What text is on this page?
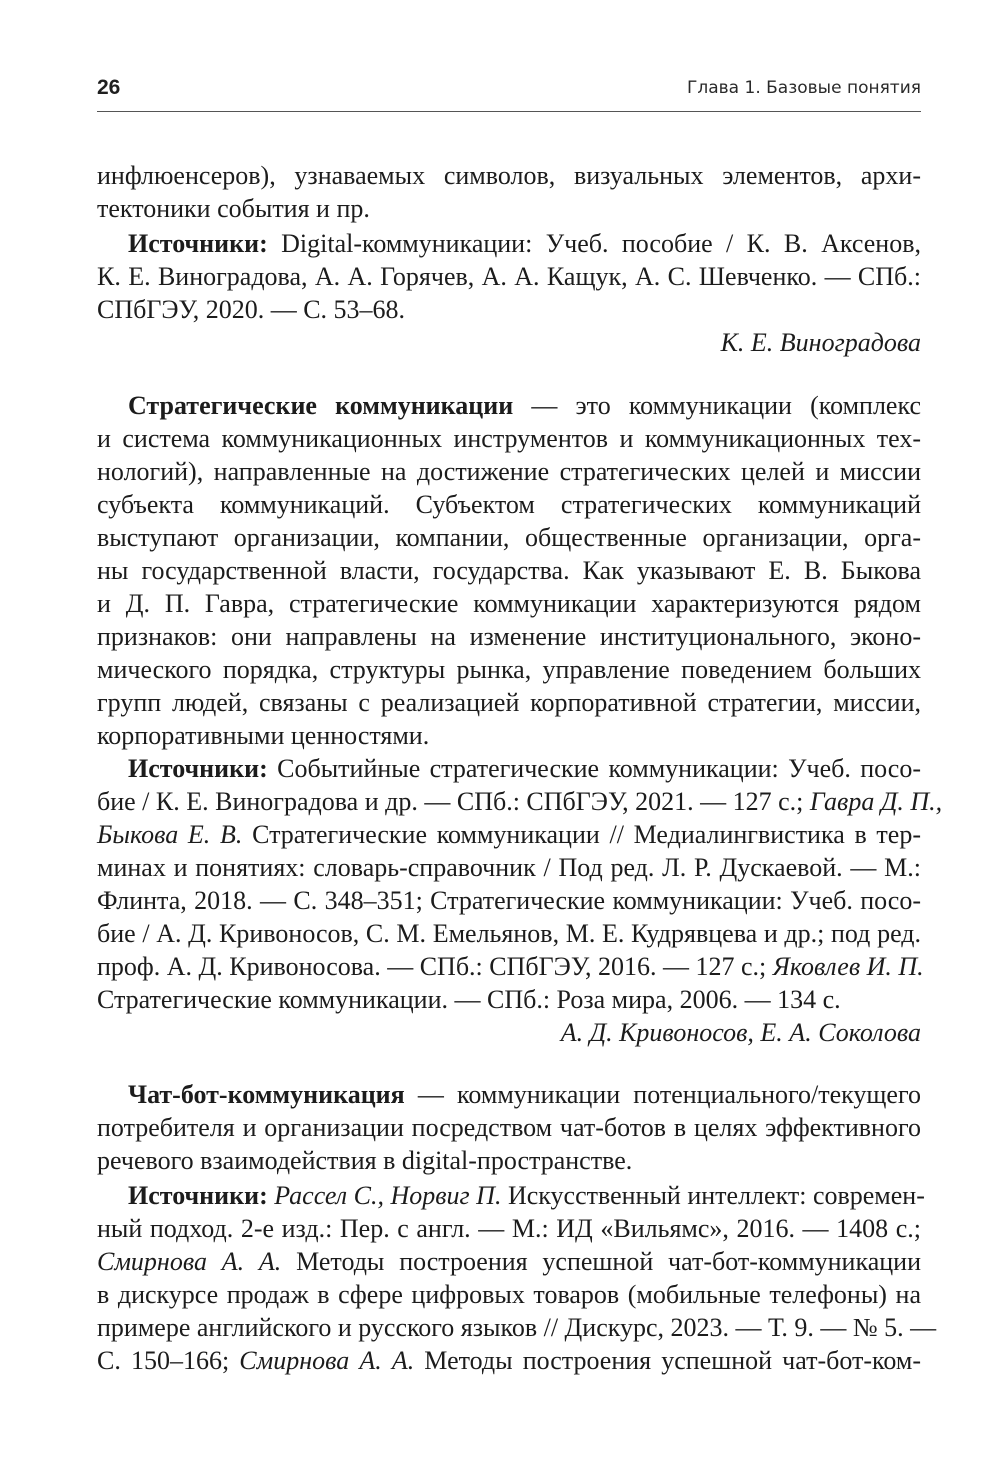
26	Глава 1. Базовые понятия
инфлюенсеров), узнаваемых символов, визуальных элементов, архи-
тектоники события и пр.
Источники: Digital-коммуникации: Учеб. пособие / К. В. Аксенов,
К. Е. Виноградова, А. А. Горячев, А. А. Кащук, А. С. Шевченко. — СПб.:
СПбГЭУ, 2020. — С. 53–68.
К. Е. Виноградова
Стратегические коммуникации — это коммуникации (комплекс
и система коммуникационных инструментов и коммуникационных тех-
нологий), направленные на достижение стратегических целей и миссии
субъекта коммуникаций. Субъектом стратегических коммуникаций
выступают организации, компании, общественные организации, орга-
ны государственной власти, государства. Как указывают Е. В. Быкова
и Д. П. Гавра, стратегические коммуникации характеризуются рядом
признаков: они направлены на изменение институционального, эконо-
мического порядка, структуры рынка, управление поведением больших
групп людей, связаны с реализацией корпоративной стратегии, миссии,
корпоративными ценностями.
Источники: Событийные стратегические коммуникации: Учеб. посо-
бие / К. Е. Виноградова и др. — СПб.: СПбГЭУ, 2021. — 127 с.; Гавра Д. П.,
Быкова Е. В. Стратегические коммуникации // Медиалингвистика в тер-
минах и понятиях: словарь-справочник / Под ред. Л. Р. Дускаевой. — М.:
Флинта, 2018. — С. 348–351; Стратегические коммуникации: Учеб. посо-
бие / А. Д. Кривоносов, С. М. Емельянов, М. Е. Кудрявцева и др.; под ред.
проф. А. Д. Кривоносова. — СПб.: СПбГЭУ, 2016. — 127 с.; Яковлев И. П.
Стратегические коммуникации. — СПб.: Роза мира, 2006. — 134 с.
А. Д. Кривоносов, Е. А. Соколова
Чат-бот-коммуникация — коммуникации потенциального/текущего
потребителя и организации посредством чат-ботов в целях эффективного
речевого взаимодействия в digital-пространстве.
Источники: Рассел С., Норвиг П. Искусственный интеллект: современ-
ный подход. 2-е изд.: Пер. с англ. — М.: ИД «Вильямс», 2016. — 1408 с.;
Смирнова А. А. Методы построения успешной чат-бот-коммуникации
в дискурсе продаж в сфере цифровых товаров (мобильные телефоны) на
примере английского и русского языков // Дискурс, 2023. — Т. 9. — № 5. —
С. 150–166; Смирнова А. А. Методы построения успешной чат-бот-ком-
